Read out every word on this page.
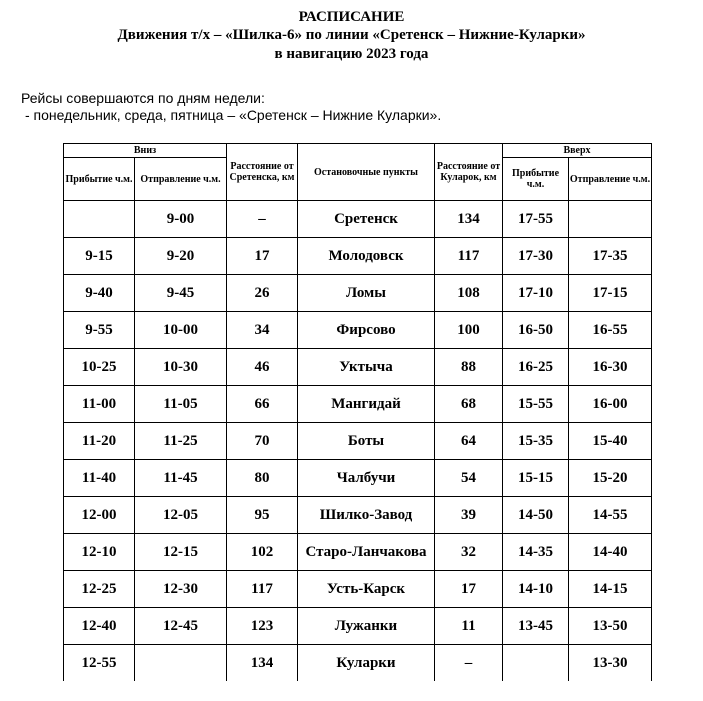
РАСПИСАНИЕ
Движения т/х – «Шилка-6» по линии «Сретенск – Нижние-Куларки»
в навигацию 2023 года
Рейсы совершаются по дням недели:
- понедельник, среда, пятница – «Сретенск – Нижние Куларки».
Вниз		Расстояние от Сретенска, км	Остановочные пункты	Расстояние от Куларок, км	Вверх	
Прибытие ч.м.	Отправление ч.м.				Прибытие ч.м.	Отправление ч.м.
	9-00	–	Сретенск	134	17-55	
9-15	9-20	17	Молодовск	117	17-30	17-35
9-40	9-45	26	Ломы	108	17-10	17-15
9-55	10-00	34	Фирсово	100	16-50	16-55
10-25	10-30	46	Уктыча	88	16-25	16-30
11-00	11-05	66	Мангидай	68	15-55	16-00
11-20	11-25	70	Боты	64	15-35	15-40
11-40	11-45	80	Чалбучи	54	15-15	15-20
12-00	12-05	95	Шилко-Завод	39	14-50	14-55
12-10	12-15	102	Старо-Ланчакова	32	14-35	14-40
12-25	12-30	117	Усть-Карск	17	14-10	14-15
12-40	12-45	123	Лужанки	11	13-45	13-50
12-55		134	Куларки	–		13-30
